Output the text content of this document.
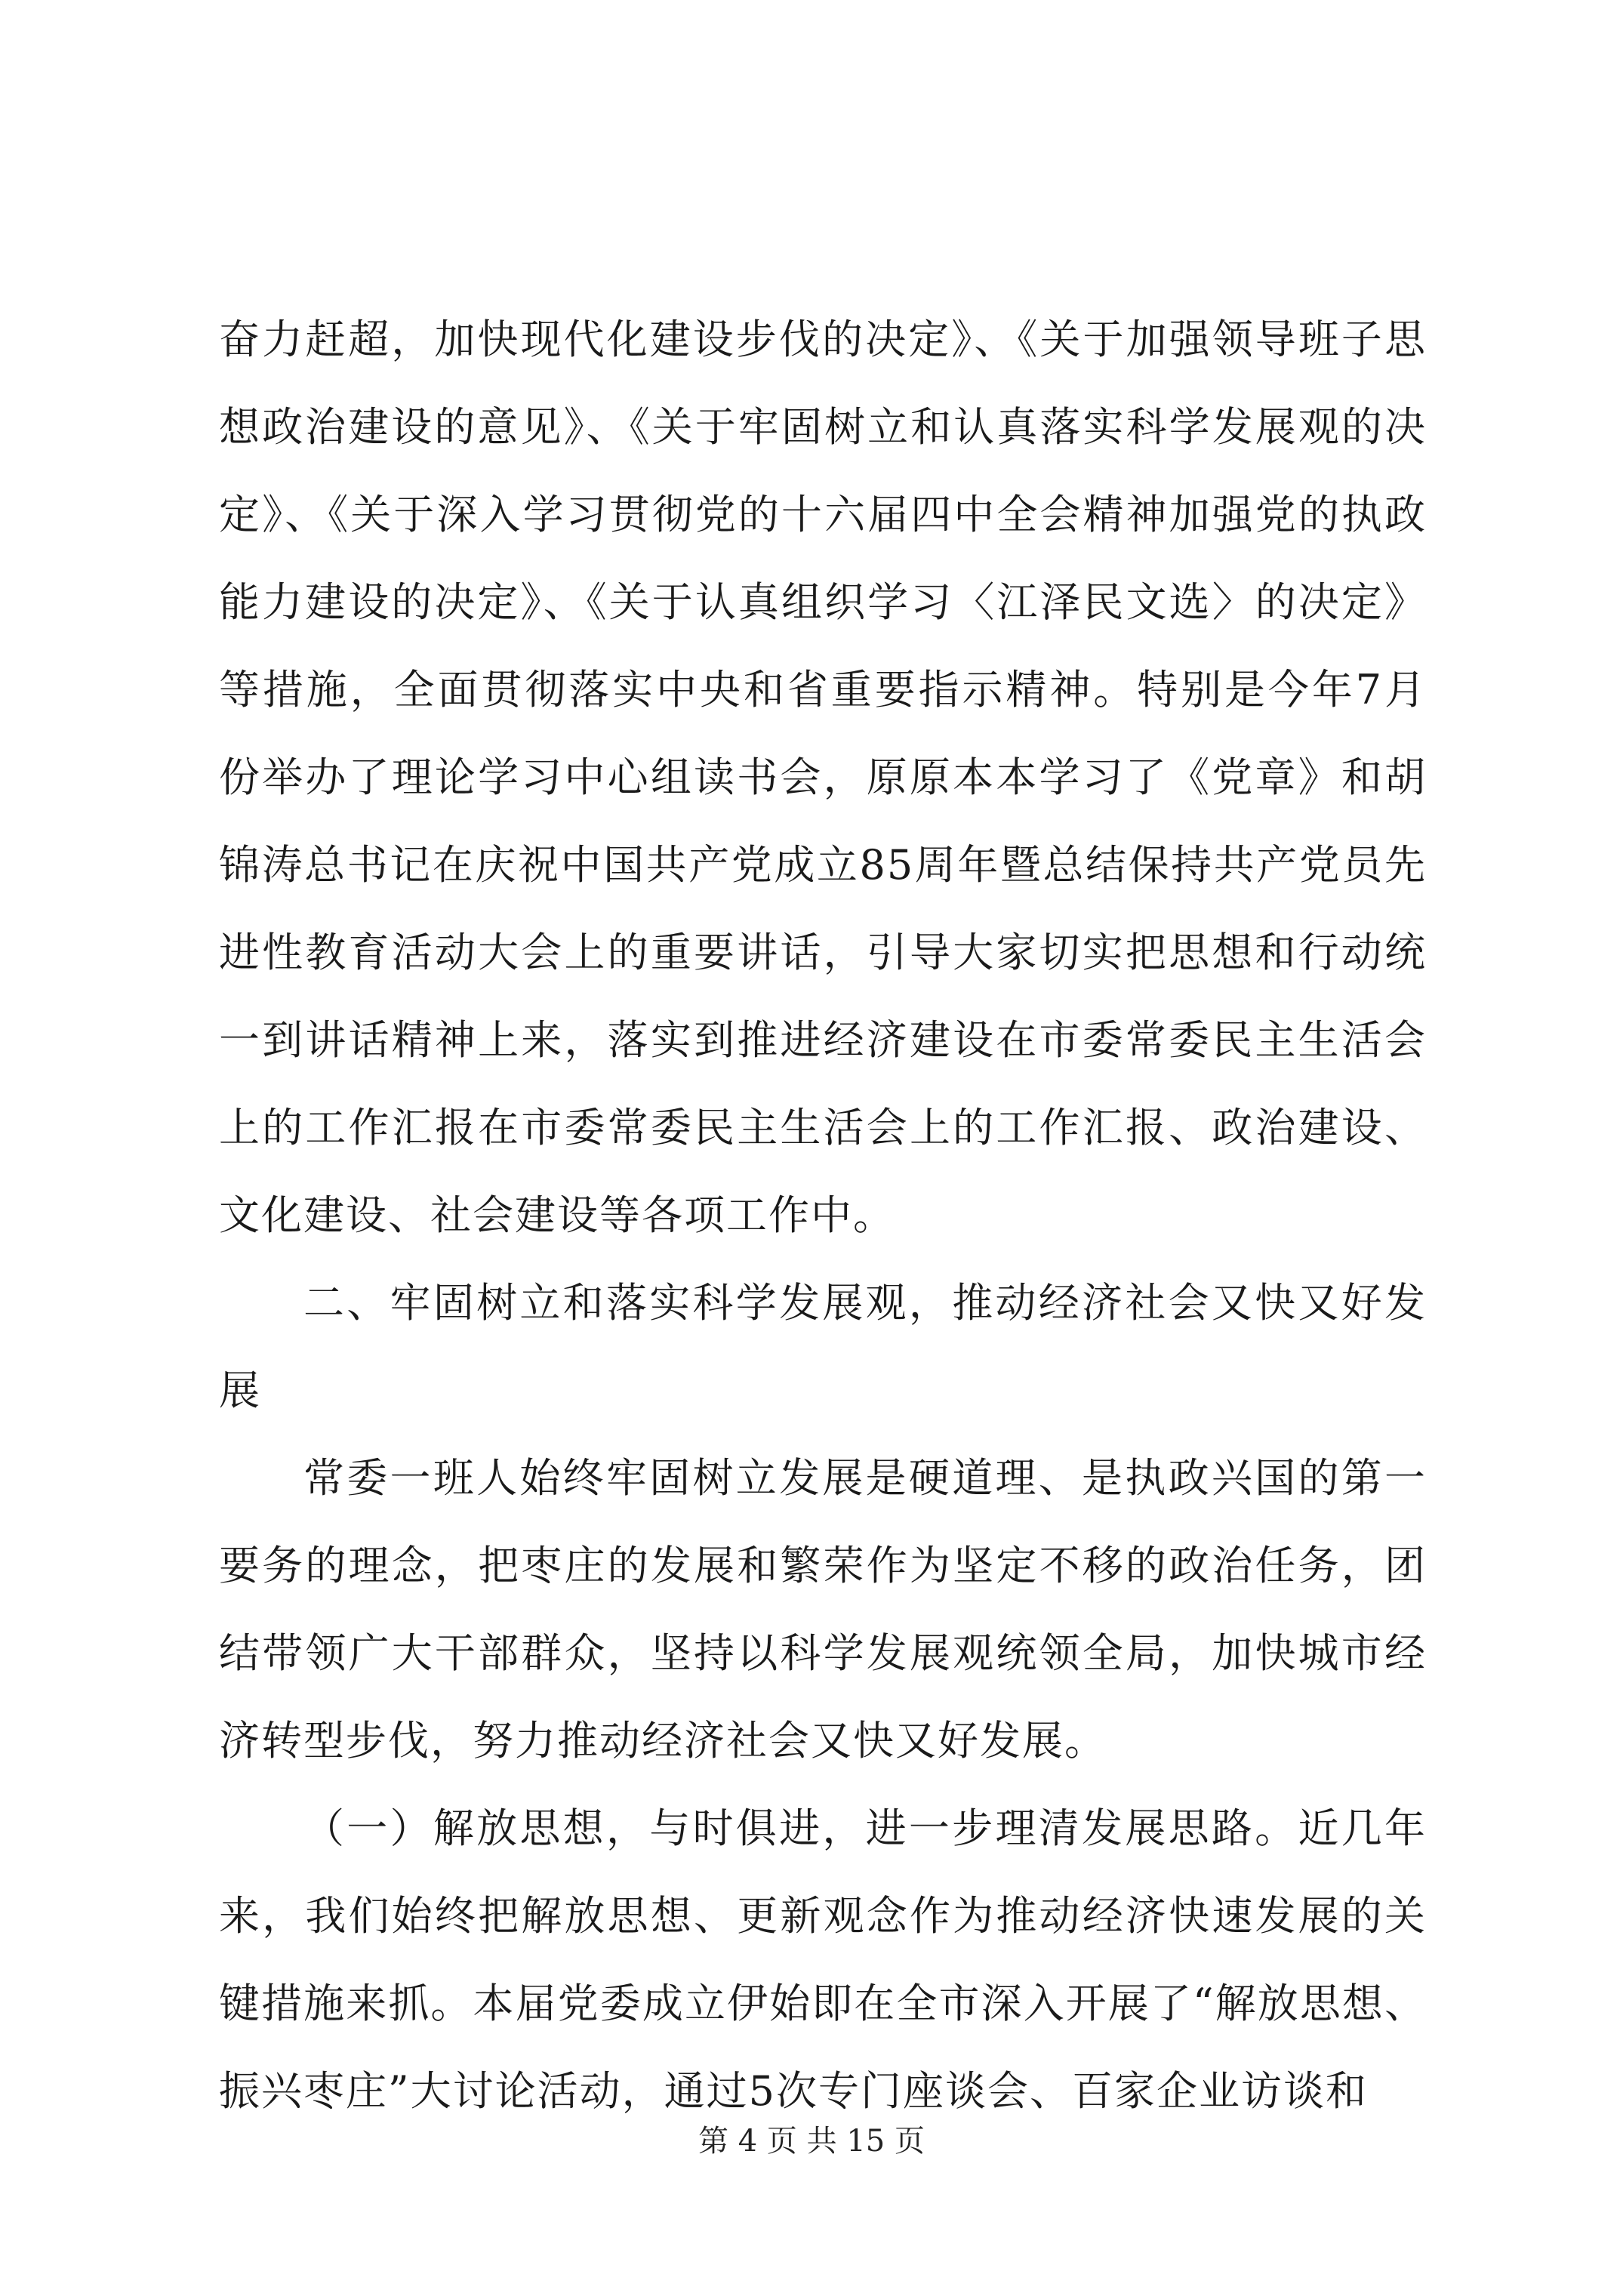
奋力赶超，加快现代化建设步伐的决定》、《关于加强领导班子思想政治建设的意见》、《关于牢固树立和认真落实科学发展观的决定》、《关于深入学习贯彻党的十六届四中全会精神加强党的执政能力建设的决定》、《关于认真组织学习〈江泽民文选〉的决定》等措施，全面贯彻落实中央和省重要指示精神。特别是今年7月份举办了理论学习中心组读书会，原原本本学习了《党章》和胡锦涛总书记在庆祝中国共产党成立85周年暨总结保持共产党员先进性教育活动大会上的重要讲话，引导大家切实把思想和行动统一到讲话精神上来，落实到推进经济建设在市委常委民主生活会上的工作汇报在市委常委民主生活会上的工作汇报、政治建设、文化建设、社会建设等各项工作中。

二、牢固树立和落实科学发展观，推动经济社会又快又好发展

常委一班人始终牢固树立发展是硬道理、是执政兴国的第一要务的理念，把枣庄的发展和繁荣作为坚定不移的政治任务，团结带领广大干部群众，坚持以科学发展观统领全局，加快城市经济转型步伐，努力推动经济社会又快又好发展。

（一）解放思想，与时俱进，进一步理清发展思路。近几年来，我们始终把解放思想、更新观念作为推动经济快速发展的关键措施来抓。本届党委成立伊始即在全市深入开展了“解放思想、振兴枣庄”大讨论活动，通过5次专门座谈会、百家企业访谈和

第 4 页 共 15 页
